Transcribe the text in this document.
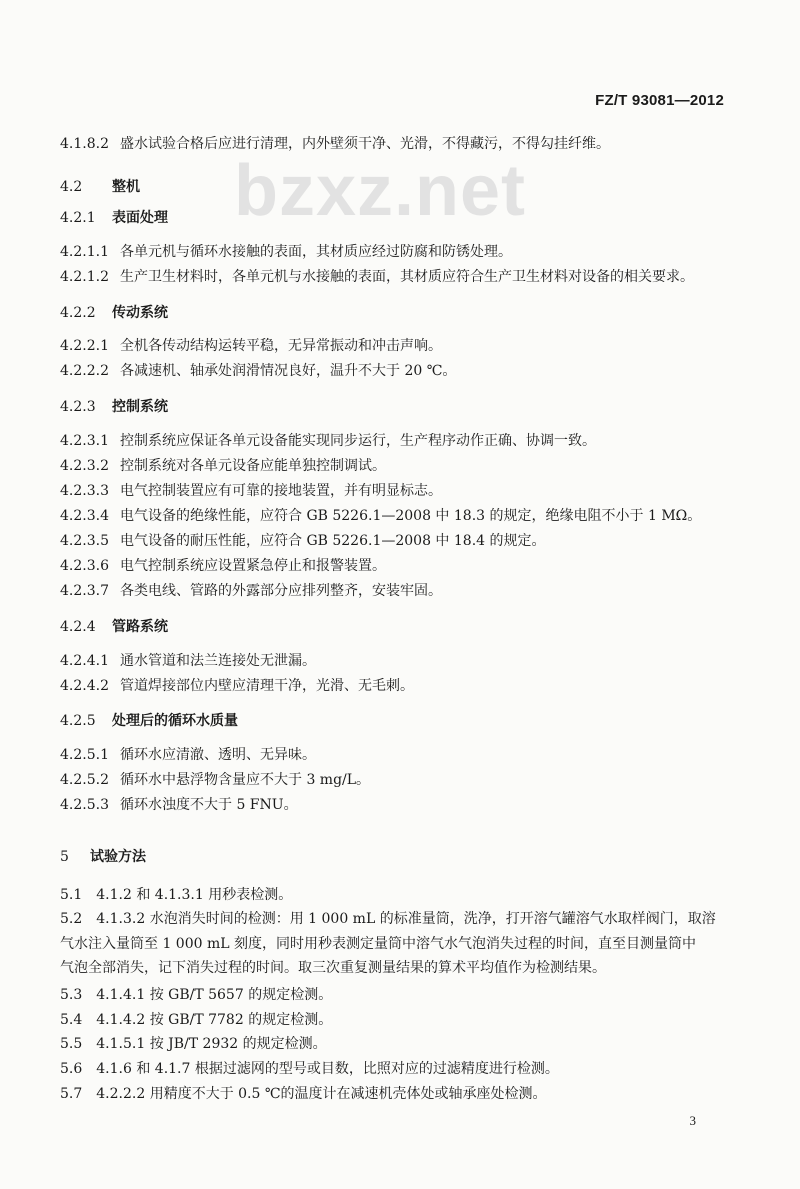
FZ/T 93081—2012
bzxz.net
4.1.8.2 盛水试验合格后应进行清理，内外壁须干净、光滑，不得藏污，不得勾挂纤维。
4.2 整机
4.2.1 表面处理
4.2.1.1 各单元机与循环水接触的表面，其材质应经过防腐和防锈处理。
4.2.1.2 生产卫生材料时，各单元机与水接触的表面，其材质应符合生产卫生材料对设备的相关要求。
4.2.2 传动系统
4.2.2.1 全机各传动结构运转平稳，无异常振动和冲击声响。
4.2.2.2 各减速机、轴承处润滑情况良好，温升不大于 20 ℃。
4.2.3 控制系统
4.2.3.1 控制系统应保证各单元设备能实现同步运行，生产程序动作正确、协调一致。
4.2.3.2 控制系统对各单元设备应能单独控制调试。
4.2.3.3 电气控制装置应有可靠的接地装置，并有明显标志。
4.2.3.4 电气设备的绝缘性能，应符合 GB 5226.1—2008 中 18.3 的规定，绝缘电阻不小于 1 MΩ。
4.2.3.5 电气设备的耐压性能，应符合 GB 5226.1—2008 中 18.4 的规定。
4.2.3.6 电气控制系统应设置紧急停止和报警装置。
4.2.3.7 各类电线、管路的外露部分应排列整齐，安装牢固。
4.2.4 管路系统
4.2.4.1 通水管道和法兰连接处无泄漏。
4.2.4.2 管道焊接部位内壁应清理干净，光滑、无毛刺。
4.2.5 处理后的循环水质量
4.2.5.1 循环水应清澈、透明、无异味。
4.2.5.2 循环水中悬浮物含量应不大于 3 mg/L。
4.2.5.3 循环水浊度不大于 5 FNU。
5 试验方法
5.1 4.1.2 和 4.1.3.1 用秒表检测。
5.2 4.1.3.2 水泡消失时间的检测：用 1 000 mL 的标准量筒，洗净，打开溶气罐溶气水取样阀门，取溶
气水注入量筒至 1 000 mL 刻度，同时用秒表测定量筒中溶气水气泡消失过程的时间，直至目测量筒中
气泡全部消失，记下消失过程的时间。取三次重复测量结果的算术平均值作为检测结果。
5.3 4.1.4.1 按 GB/T 5657 的规定检测。
5.4 4.1.4.2 按 GB/T 7782 的规定检测。
5.5 4.1.5.1 按 JB/T 2932 的规定检测。
5.6 4.1.6 和 4.1.7 根据过滤网的型号或目数，比照对应的过滤精度进行检测。
5.7 4.2.2.2 用精度不大于 0.5 ℃的温度计在减速机壳体处或轴承座处检测。
3
